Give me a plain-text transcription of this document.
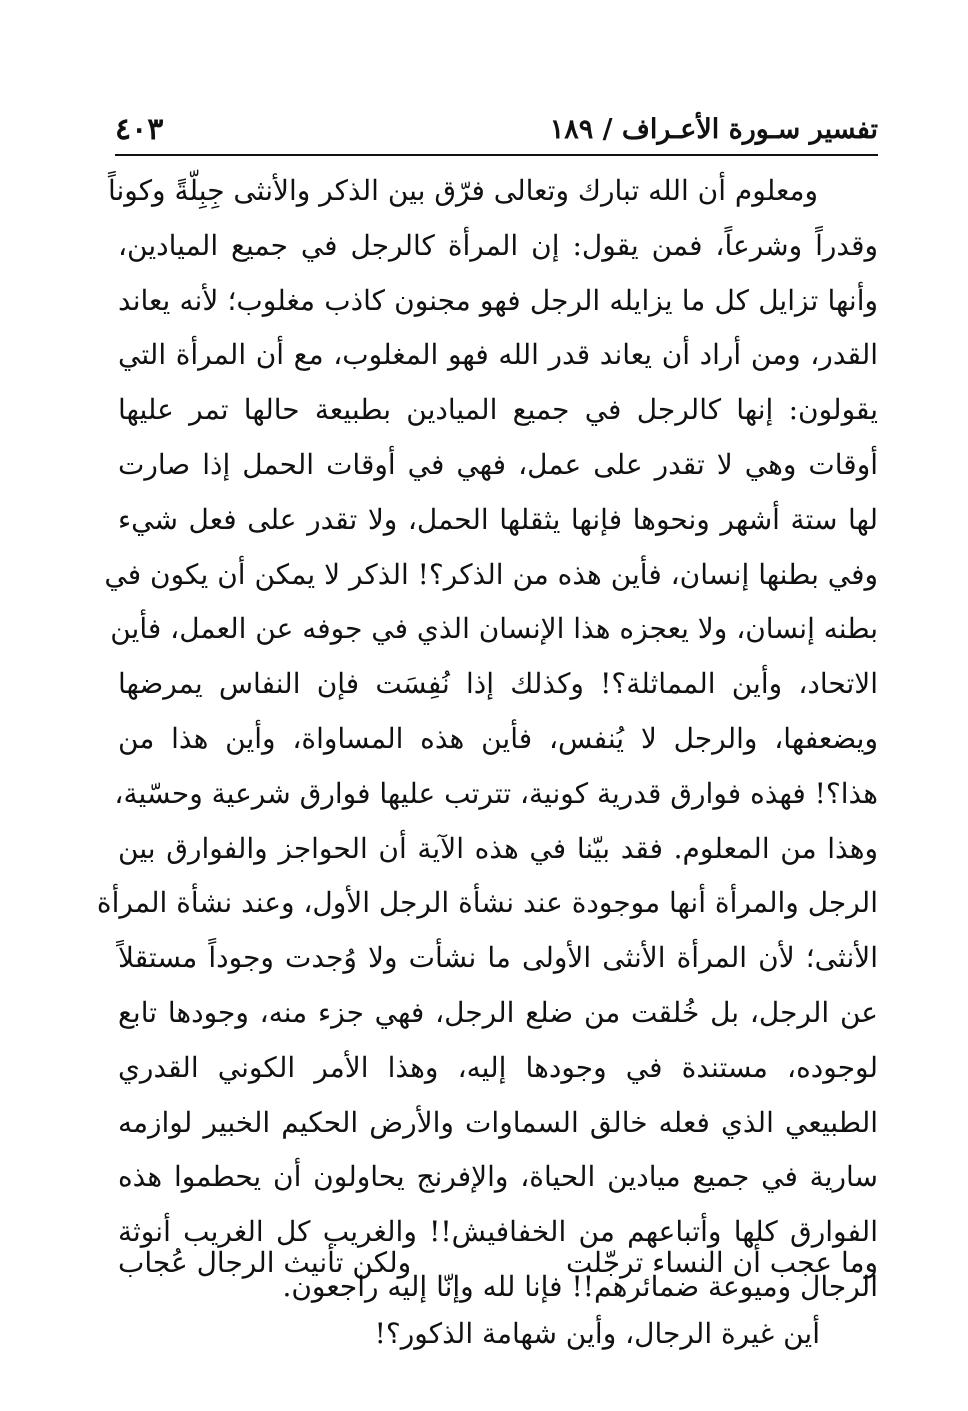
تفسير سـورة الأعـراف / ١٨٩
٤٠٣
ومعلوم أن الله تبارك وتعالى فرّق بين الذكر والأنثى جِبِلّةً وكوناً
وقدراً وشرعاً، فمن يقول: إن المرأة كالرجل في جميع الميادين،
وأنها تزايل كل ما يزايله الرجل فهو مجنون كاذب مغلوب؛ لأنه يعاند
القدر، ومن أراد أن يعاند قدر الله فهو المغلوب، مع أن المرأة التي
يقولون: إنها كالرجل في جميع الميادين بطبيعة حالها تمر عليها
أوقات وهي لا تقدر على عمل، فهي في أوقات الحمل إذا صارت
لها ستة أشهر ونحوها فإنها يثقلها الحمل، ولا تقدر على فعل شيء
وفي بطنها إنسان، فأين هذه من الذكر؟! الذكر لا يمكن أن يكون في
بطنه إنسان، ولا يعجزه هذا الإنسان الذي في جوفه عن العمل، فأين
الاتحاد، وأين المماثلة؟! وكذلك إذا نُفِسَت فإن النفاس يمرضها
ويضعفها، والرجل لا يُنفس، فأين هذه المساواة، وأين هذا من
هذا؟! فهذه فوارق قدرية كونية، تترتب عليها فوارق شرعية وحسّية،
وهذا من المعلوم. فقد بيّنا في هذه الآية أن الحواجز والفوارق بين
الرجل والمرأة أنها موجودة عند نشأة الرجل الأول، وعند نشأة المرأة
الأنثى؛ لأن المرأة الأنثى الأولى ما نشأت ولا وُجدت وجوداً مستقلاً
عن الرجل، بل خُلقت من ضلع الرجل، فهي جزء منه، وجودها تابع
لوجوده، مستندة في وجودها إليه، وهذا الأمر الكوني القدري
الطبيعي الذي فعله خالق السماوات والأرض الحكيم الخبير لوازمه
سارية في جميع ميادين الحياة، والإفرنج يحاولون أن يحطموا هذه
الفوارق كلها وأتباعهم من الخفافيش!! والغريب كل الغريب أنوثة
الرجال وميوعة ضمائرهم!! فإنا لله وإنّا إليه راجعون.
وما عجب أن النساء ترجّلت
ولكن تأنيث الرجال عُجاب
أين غيرة الرجال، وأين شهامة الذكور؟!
